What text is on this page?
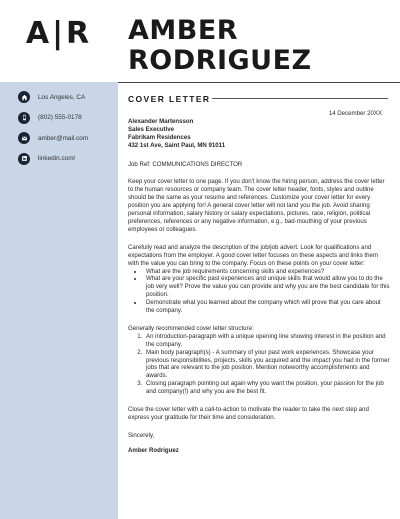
A|R
Los Angeles, CA
(802) 555-0178
amber@mail.com
linkedin.com/
AMBER
RODRIGUEZ
COVER LETTER
14 December 20XX
Alexander Martensson
Sales Executive
Fabrikam Residences
432 1st Ave, Saint Paul, MN 91011
Job Ref: COMMUNICATIONS DIRECTOR
Keep your cover letter to one page. If you don't know the hiring person, address the cover letter to the human resources or company team. The cover letter header, fonts, styles and outline should be the same as your resume and references. Customize your cover letter for every position you are applying for! A general cover letter will not land you the job. Avoid sharing personal information, salary history or salary expectations, pictures, race, religion, political preferences, references or any negative information, e.g., bad-mouthing of your previous employees or colleagues.
Carefully read and analyze the description of the job/job advert. Look for qualifications and expectations from the employer. A good cover letter focuses on these aspects and links them with the value you can bring to the company. Focus on these points on your cover letter:
• What are the job requirements concerning skills and experiences?
• What are your specific past experiences and unique skills that would allow you to do the job very well? Prove the value you can provide and why you are the best candidate for this position.
• Demonstrate what you learned about the company which will prove that you care about the company.
Generally recommended cover letter structure:
1. An introduction-paragraph with a unique opening line showing interest in the position and the company.
2. Main body paragraph(s) - A summary of your past work experiences. Showcase your previous responsibilities, projects, skills you acquired and the impact you had in the former jobs that are relevant to the job position. Mention noteworthy accomplishments and awards.
3. Closing paragraph pointing out again why you want the position, your passion for the job and company(!) and why you are the best fit.
Close the cover letter with a call-to-action to motivate the reader to take the next step and express your gratitude for their time and consideration.
Sincerely,
Amber Rodriguez
